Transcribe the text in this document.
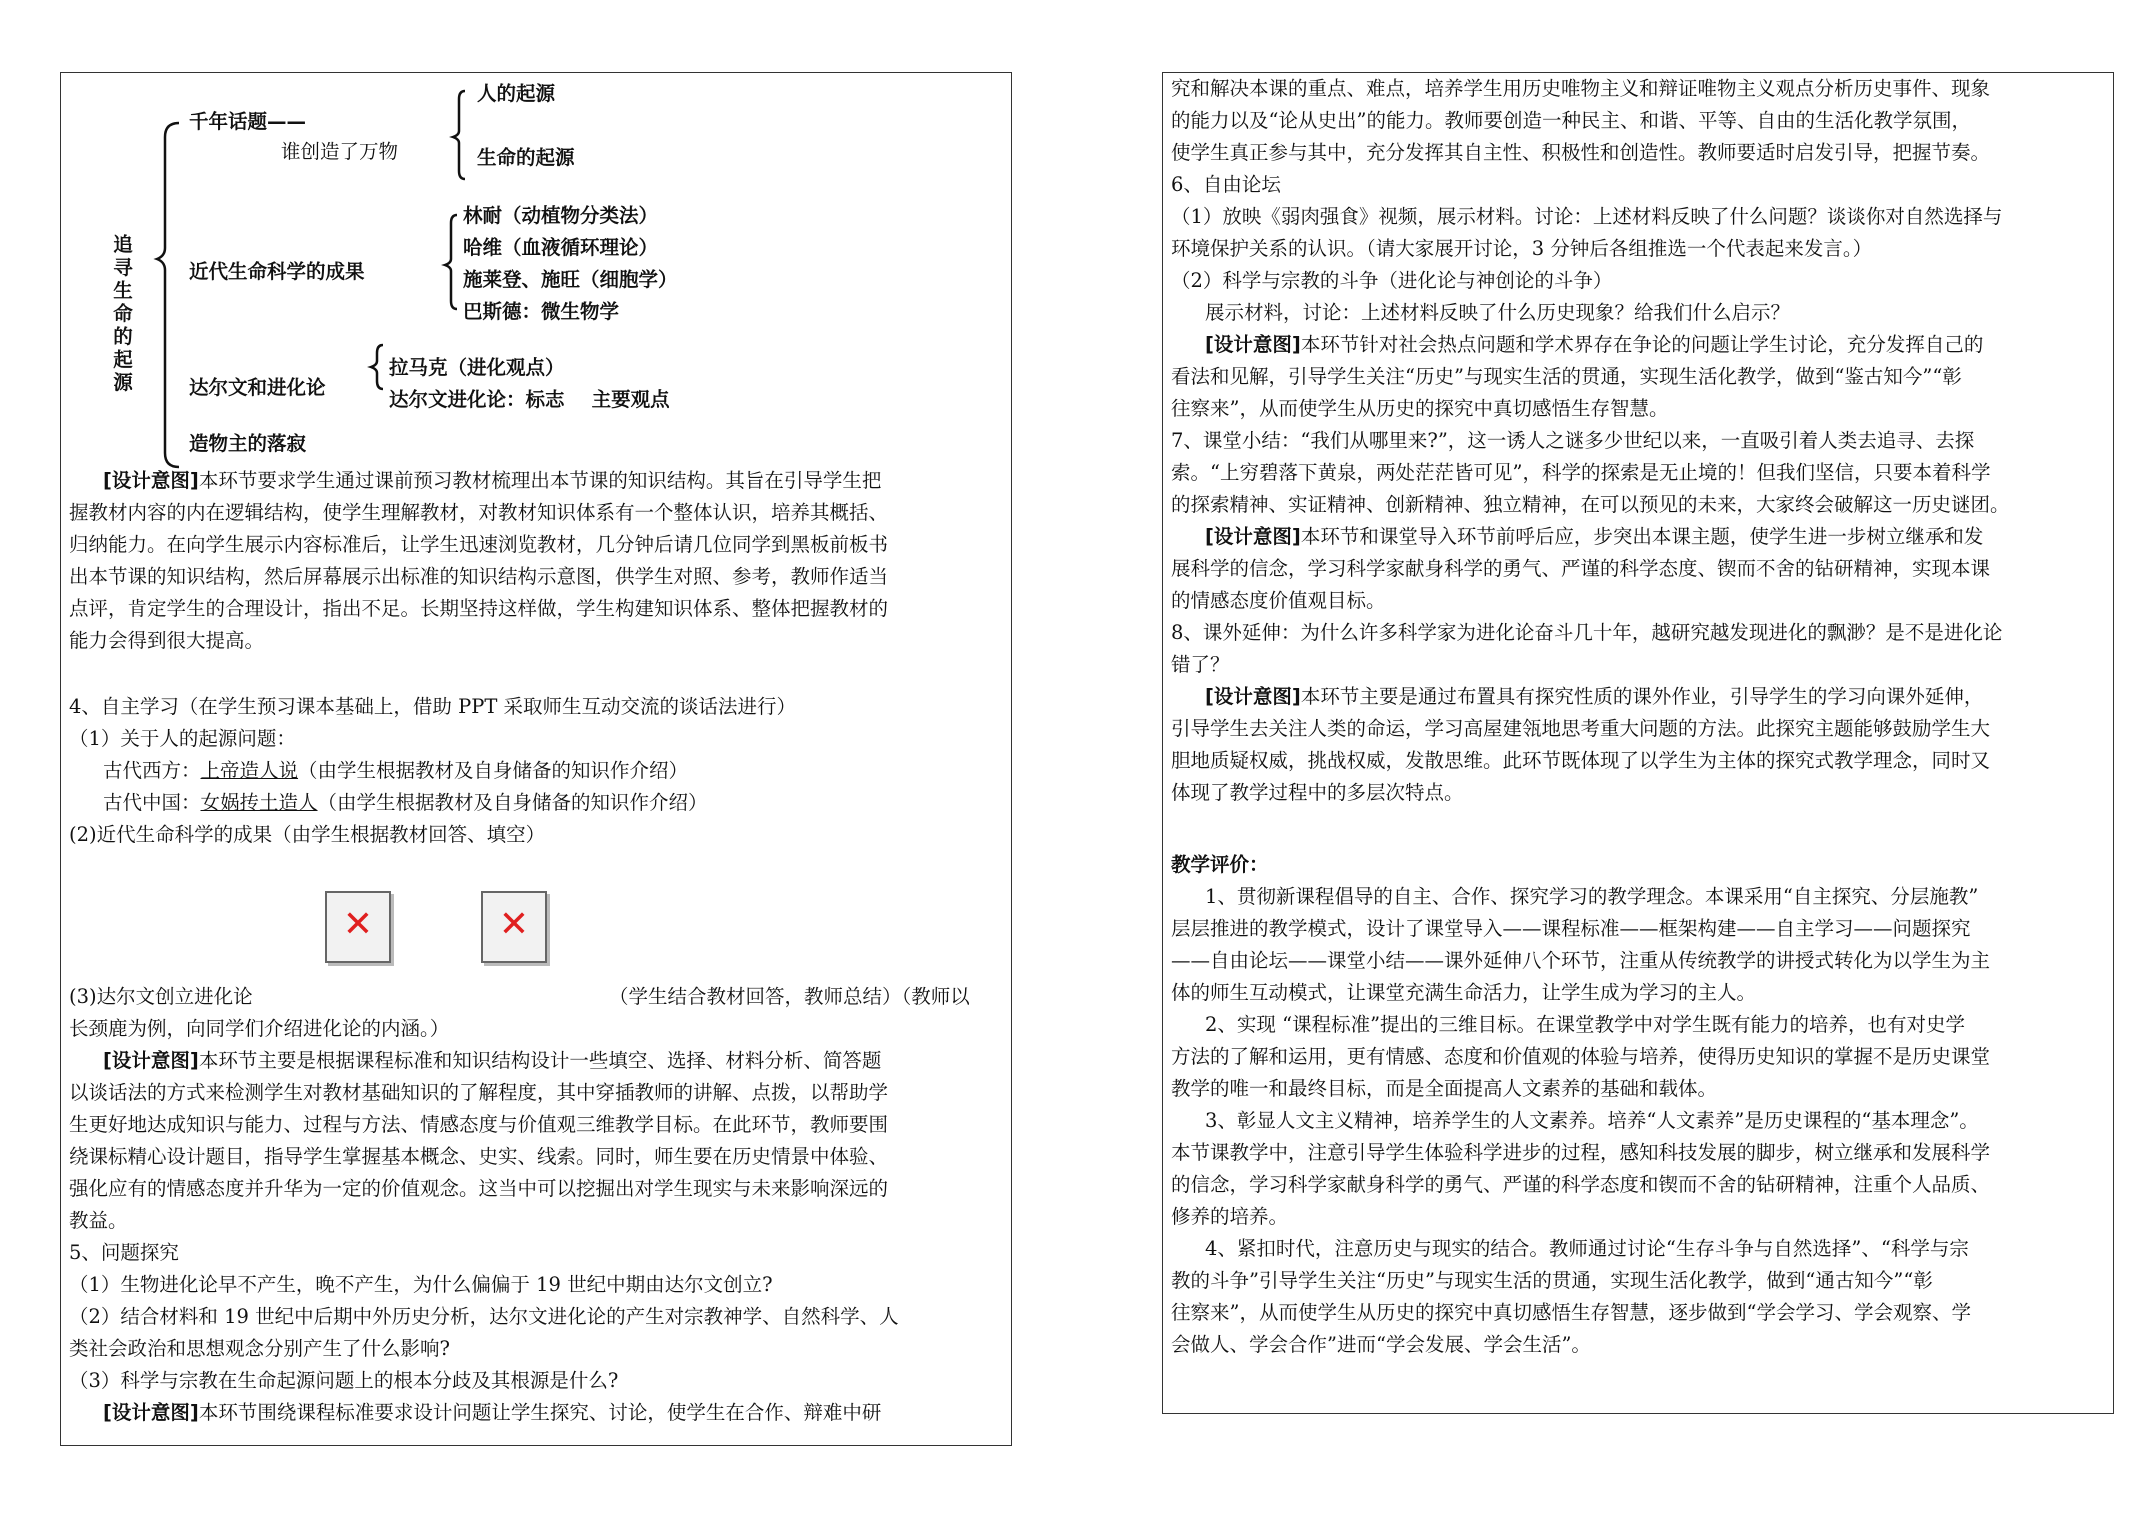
追寻生命的起源
千年话题——
谁创造了万物
人的起源
生命的起源
近代生命科学的成果
林耐（动植物分类法）
哈维（血液循环理论）
施莱登、施旺（细胞学）
巴斯德：微生物学
达尔文和进化论
拉马克（进化观点）
达尔文进化论：标志    主要观点
造物主的落寂
[设计意图]本环节要求学生通过课前预习教材梳理出本节课的知识结构。其旨在引导学生把
握教材内容的内在逻辑结构，使学生理解教材，对教材知识体系有一个整体认识，培养其概括、
归纳能力。在向学生展示内容标准后，让学生迅速浏览教材，几分钟后请几位同学到黑板前板书
出本节课的知识结构，然后屏幕展示出标准的知识结构示意图，供学生对照、参考，教师作适当
点评，肯定学生的合理设计，指出不足。长期坚持这样做，学生构建知识体系、整体把握教材的
能力会得到很大提高。
4、自主学习（在学生预习课本基础上，借助 PPT 采取师生互动交流的谈话法进行）
（1）关于人的起源问题：
古代西方：上帝造人说（由学生根据教材及自身储备的知识作介绍）
古代中国：女娲抟土造人（由学生根据教材及自身储备的知识作介绍）
(2)近代生命科学的成果（由学生根据教材回答、填空）
✕	✕
(3)达尔文创立进化论	（学生结合教材回答，教师总结）（教师以
长颈鹿为例，向同学们介绍进化论的内涵。）
[设计意图]本环节主要是根据课程标准和知识结构设计一些填空、选择、材料分析、简答题
以谈话法的方式来检测学生对教材基础知识的了解程度，其中穿插教师的讲解、点拨，以帮助学
生更好地达成知识与能力、过程与方法、情感态度与价值观三维教学目标。在此环节，教师要围
绕课标精心设计题目，指导学生掌握基本概念、史实、线索。同时，师生要在历史情景中体验、
强化应有的情感态度并升华为一定的价值观念。这当中可以挖掘出对学生现实与未来影响深远的
教益。
5、问题探究
（1）生物进化论早不产生，晚不产生，为什么偏偏于 19 世纪中期由达尔文创立?
（2）结合材料和 19 世纪中后期中外历史分析，达尔文进化论的产生对宗教神学、自然科学、人
类社会政治和思想观念分别产生了什么影响?
（3）科学与宗教在生命起源问题上的根本分歧及其根源是什么?
[设计意图]本环节围绕课程标准要求设计问题让学生探究、讨论，使学生在合作、辩难中研
究和解决本课的重点、难点，培养学生用历史唯物主义和辩证唯物主义观点分析历史事件、现象
的能力以及“论从史出”的能力。教师要创造一种民主、和谐、平等、自由的生活化教学氛围，
使学生真正参与其中，充分发挥其自主性、积极性和创造性。教师要适时启发引导，把握节奏。
6、自由论坛
（1）放映《弱肉强食》视频，展示材料。讨论：上述材料反映了什么问题？谈谈你对自然选择与
环境保护关系的认识。（请大家展开讨论，3 分钟后各组推选一个代表起来发言。）
（2）科学与宗教的斗争（进化论与神创论的斗争）
展示材料，讨论：上述材料反映了什么历史现象？给我们什么启示？
[设计意图]本环节针对社会热点问题和学术界存在争论的问题让学生讨论，充分发挥自己的
看法和见解，引导学生关注“历史”与现实生活的贯通，实现生活化教学，做到“鉴古知今”“彰
往察来”，从而使学生从历史的探究中真切感悟生存智慧。
7、课堂小结：“我们从哪里来?”，这一诱人之谜多少世纪以来，一直吸引着人类去追寻、去探
索。“上穷碧落下黄泉，两处茫茫皆可见”，科学的探索是无止境的！但我们坚信，只要本着科学
的探索精神、实证精神、创新精神、独立精神，在可以预见的未来，大家终会破解这一历史谜团。
[设计意图]本环节和课堂导入环节前呼后应，步突出本课主题，使学生进一步树立继承和发
展科学的信念，学习科学家献身科学的勇气、严谨的科学态度、锲而不舍的钻研精神，实现本课
的情感态度价值观目标。
8、课外延伸：为什么许多科学家为进化论奋斗几十年，越研究越发现进化的飘渺？是不是进化论
错了？
[设计意图]本环节主要是通过布置具有探究性质的课外作业，引导学生的学习向课外延伸，
引导学生去关注人类的命运，学习高屋建瓴地思考重大问题的方法。此探究主题能够鼓励学生大
胆地质疑权威，挑战权威，发散思维。此环节既体现了以学生为主体的探究式教学理念，同时又
体现了教学过程中的多层次特点。
教学评价：
1、贯彻新课程倡导的自主、合作、探究学习的教学理念。本课采用“自主探究、分层施教”
层层推进的教学模式，设计了课堂导入——课程标准——框架构建——自主学习——问题探究
——自由论坛——课堂小结——课外延伸八个环节，注重从传统教学的讲授式转化为以学生为主
体的师生互动模式，让课堂充满生命活力，让学生成为学习的主人。
2、实现 “课程标准”提出的三维目标。在课堂教学中对学生既有能力的培养，也有对史学
方法的了解和运用，更有情感、态度和价值观的体验与培养，使得历史知识的掌握不是历史课堂
教学的唯一和最终目标，而是全面提高人文素养的基础和载体。
3、彰显人文主义精神，培养学生的人文素养。培养“人文素养”是历史课程的“基本理念”。
本节课教学中，注意引导学生体验科学进步的过程，感知科技发展的脚步，树立继承和发展科学
的信念，学习科学家献身科学的勇气、严谨的科学态度和锲而不舍的钻研精神，注重个人品质、
修养的培养。
4、紧扣时代，注意历史与现实的结合。教师通过讨论“生存斗争与自然选择”、“科学与宗
教的斗争”引导学生关注“历史”与现实生活的贯通，实现生活化教学，做到“通古知今”“彰
往察来”，从而使学生从历史的探究中真切感悟生存智慧，逐步做到“学会学习、学会观察、学
会做人、学会合作”进而“学会发展、学会生活”。
